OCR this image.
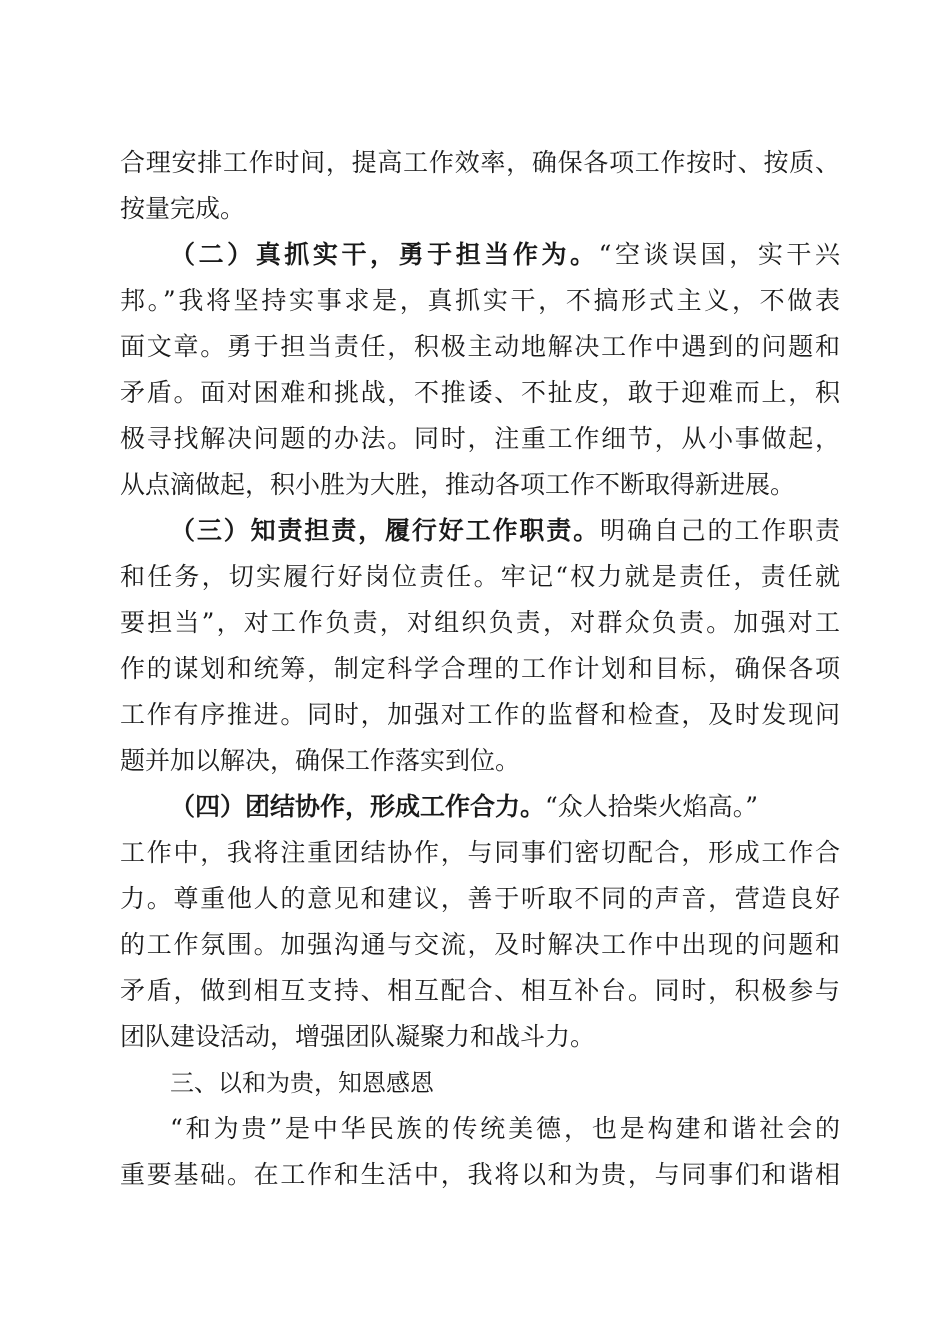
合理安排工作时间，提高工作效率，确保各项工作按时、按质、
按量完成。
（二）真抓实干，勇于担当作为。“空谈误国，实干兴
邦。”我将坚持实事求是，真抓实干，不搞形式主义，不做表
面文章。勇于担当责任，积极主动地解决工作中遇到的问题和
矛盾。面对困难和挑战，不推诿、不扯皮，敢于迎难而上，积
极寻找解决问题的办法。同时，注重工作细节，从小事做起，
从点滴做起，积小胜为大胜，推动各项工作不断取得新进展。
（三）知责担责，履行好工作职责。明确自己的工作职责
和任务，切实履行好岗位责任。牢记“权力就是责任，责任就
要担当”，对工作负责，对组织负责，对群众负责。加强对工
作的谋划和统筹，制定科学合理的工作计划和目标，确保各项
工作有序推进。同时，加强对工作的监督和检查，及时发现问
题并加以解决，确保工作落实到位。
（四）团结协作，形成工作合力。“众人拾柴火焰高。”
工作中，我将注重团结协作，与同事们密切配合，形成工作合
力。尊重他人的意见和建议，善于听取不同的声音，营造良好
的工作氛围。加强沟通与交流，及时解决工作中出现的问题和
矛盾，做到相互支持、相互配合、相互补台。同时，积极参与
团队建设活动，增强团队凝聚力和战斗力。
三、以和为贵，知恩感恩
“和为贵”是中华民族的传统美德，也是构建和谐社会的
重要基础。在工作和生活中，我将以和为贵，与同事们和谐相
